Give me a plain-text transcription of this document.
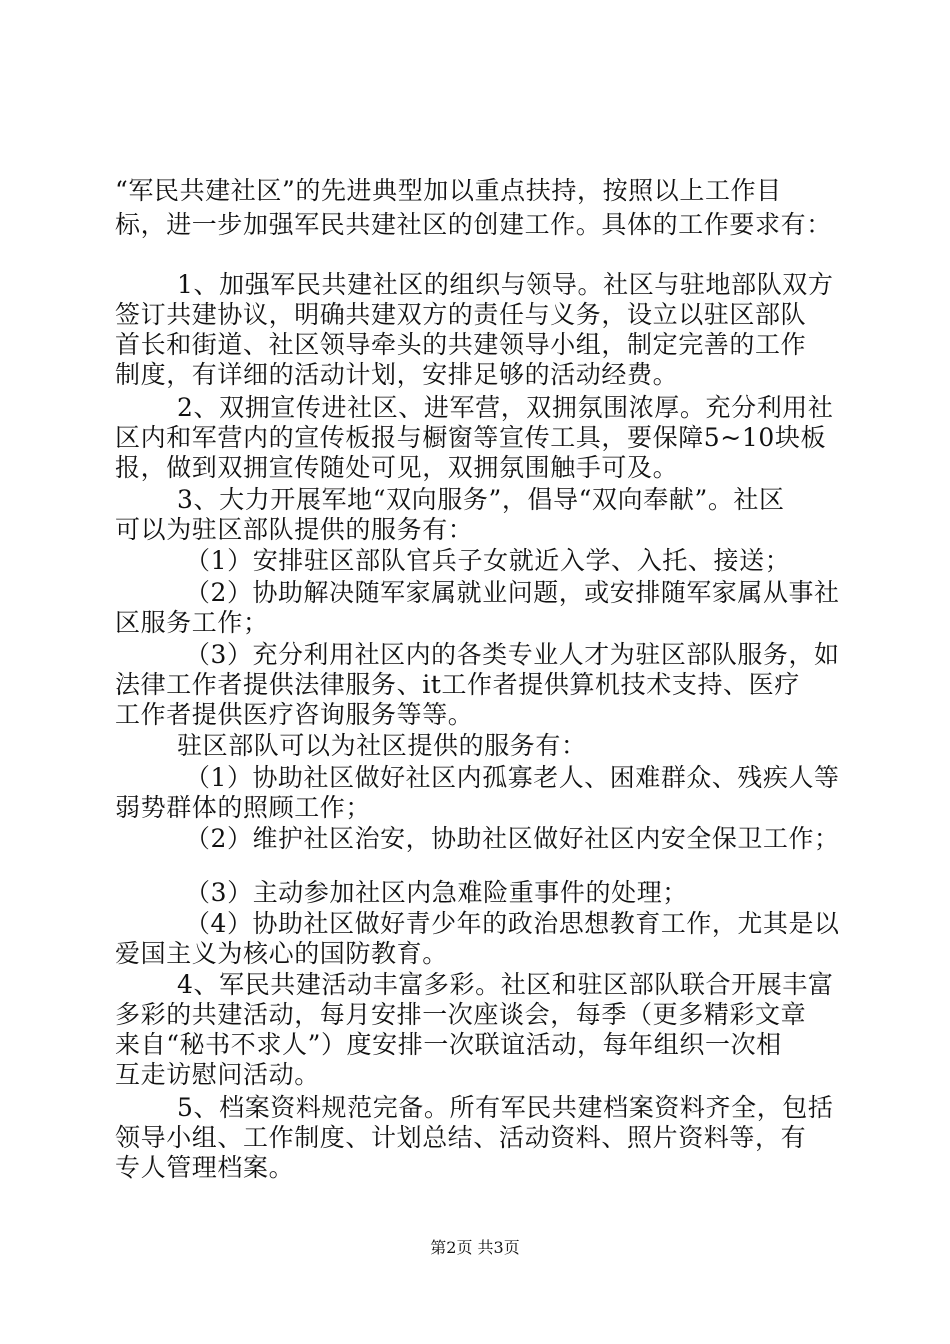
“军民共建社区”的先进典型加以重点扶持，按照以上工作目
标，进一步加强军民共建社区的创建工作。具体的工作要求有：
1、加强军民共建社区的组织与领导。社区与驻地部队双方
签订共建协议，明确共建双方的责任与义务，设立以驻区部队
首长和街道、社区领导牵头的共建领导小组，制定完善的工作
制度，有详细的活动计划，安排足够的活动经费。
2、双拥宣传进社区、进军营，双拥氛围浓厚。充分利用社
区内和军营内的宣传板报与橱窗等宣传工具，要保障5~10块板
报，做到双拥宣传随处可见，双拥氛围触手可及。
3、大力开展军地“双向服务”，倡导“双向奉献”。社区
可以为驻区部队提供的服务有：
（1）安排驻区部队官兵子女就近入学、入托、接送；
（2）协助解决随军家属就业问题，或安排随军家属从事社
区服务工作；
（3）充分利用社区内的各类专业人才为驻区部队服务，如
法律工作者提供法律服务、it工作者提供算机技术支持、医疗
工作者提供医疗咨询服务等等。
驻区部队可以为社区提供的服务有：
（1）协助社区做好社区内孤寡老人、困难群众、残疾人等
弱势群体的照顾工作；
（2）维护社区治安，协助社区做好社区内安全保卫工作；
（3）主动参加社区内急难险重事件的处理；
（4）协助社区做好青少年的政治思想教育工作，尤其是以
爱国主义为核心的国防教育。
4、军民共建活动丰富多彩。社区和驻区部队联合开展丰富
多彩的共建活动，每月安排一次座谈会，每季（更多精彩文章
来自“秘书不求人”）度安排一次联谊活动，每年组织一次相
互走访慰问活动。
5、档案资料规范完备。所有军民共建档案资料齐全，包括
领导小组、工作制度、计划总结、活动资料、照片资料等，有
专人管理档案。
第2页 共3页
